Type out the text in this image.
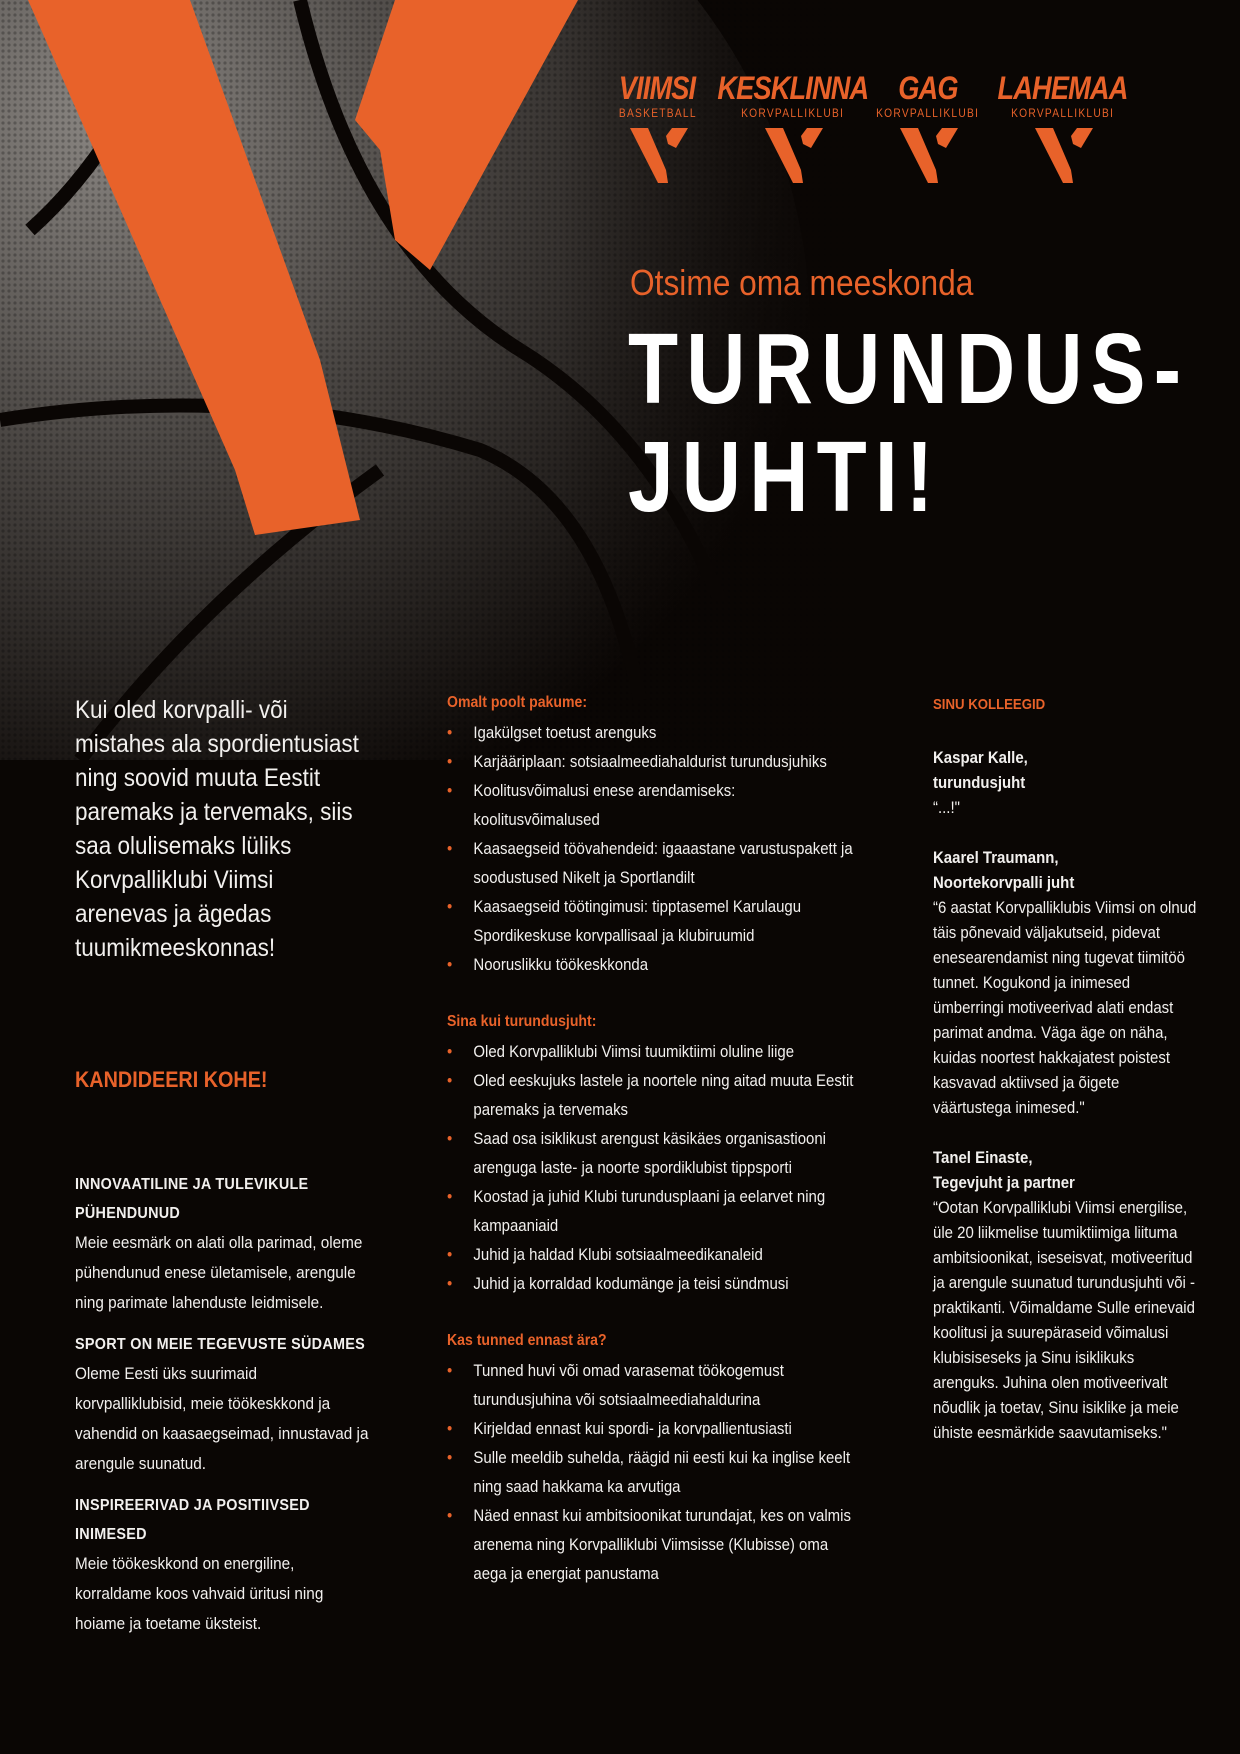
VIIMSI
BASKETBALL
KESKLINNA
KORVPALLIKLUBI
GAG
KORVPALLIKLUBI
LAHEMAA
KORVPALLIKLUBI
Otsime oma meeskonda
TURUNDUS-
JUHTI!
Kui oled korvpalli- või mistahes ala spordientusiast ning soovid muuta Eestit paremaks ja tervemaks, siis saa olulisemaks lüliks Korvpalliklubi Viimsi arenevas ja ägedas tuumikmeeskonnas!
KANDIDEERI KOHE!
INNOVAATILINE JA TULEVIKULE PÜHENDUNUD

Meie eesmärk on alati olla parimad, oleme pühendunud enese ületamisele, arengule ning parimate lahenduste leidmisele.

SPORT ON MEIE TEGEVUSTE SÜDAMES

Oleme Eesti üks suurimaid korvpalliklubisid, meie töökeskkond ja vahendid on kaasaegseimad, innustavad ja arengule suunatud.

INSPIREERIVAD JA POSITIIVSED INIMESED

Meie töökeskkond on energiline, korraldame koos vahvaid üritusi ning hoiame ja toetame üksteist.

Omalt poolt pakume:
• Igakülgset toetust arenguks
• Karjääriplaan: sotsiaalmeediahaldurist turundusjuhiks
• Koolitusvõimalusi enese arendamiseks: koolitusvõimalused
• Kaasaegseid töövahendeid: igaaastane varustuspakett ja soodustused Nikelt ja Sportlandilt
• Kaasaegseid töötingimusi: tipptasemel Karulaugu Spordikeskuse korvpallisaal ja klubiruumid
• Nooruslikku töökeskkonda
Sina kui turundusjuht:
• Oled Korvpalliklubi Viimsi tuumiktiimi oluline liige
• Oled eeskujuks lastele ja noortele ning aitad muuta Eestit paremaks ja tervemaks
• Saad osa isiklikust arengust käsikäes organisastiooni arenguga laste- ja noorte spordiklubist tippsporti
• Koostad ja juhid Klubi turundusplaani ja eelarvet ning kampaaniaid
• Juhid ja haldad Klubi sotsiaalmeedikanaleid
• Juhid ja korraldad kodumänge ja teisi sündmusi
Kas tunned ennast ära?
• Tunned huvi või omad varasemat töökogemust turundusjuhina või sotsiaalmeediahaldurina
• Kirjeldad ennast kui spordi- ja korvpallientusiasti
• Sulle meeldib suhelda, räägid nii eesti kui ka inglise keelt ning saad hakkama ka arvutiga
• Näed ennast kui ambitsioonikat turundajat, kes on valmis arenema ning Korvpalliklubi Viimsisse (Klubisse) oma aega ja energiat panustama
SINU KOLLEEGID
Kaspar Kalle,
turundusjuht
“...!"
Kaarel Traumann,
Noortekorvpalli juht
“6 aastat Korvpalliklubis Viimsi on olnud täis põnevaid väljakutseid, pidevat enesearendamist ning tugevat tiimitöö tunnet. Kogukond ja inimesed ümberringi motiveerivad alati endast parimat andma. Väga äge on näha, kuidas noortest hakkajatest poistest kasvavad aktiivsed ja õigete väärtustega inimesed."
Tanel Einaste,
Tegevjuht ja partner
“Ootan Korvpalliklubi Viimsi energilise, üle 20 liikmelise tuumiktiimiga liituma ambitsioonikat, iseseisvat, motiveeritud ja arengule suunatud turundusjuhti või -praktikanti. Võimaldame Sulle erinevaid koolitusi ja suurepäraseid võimalusi klubisiseseks ja Sinu isiklikuks arenguks. Juhina olen motiveerivalt nõudlik ja toetav, Sinu isiklike ja meie ühiste eesmärkide saavutamiseks."
